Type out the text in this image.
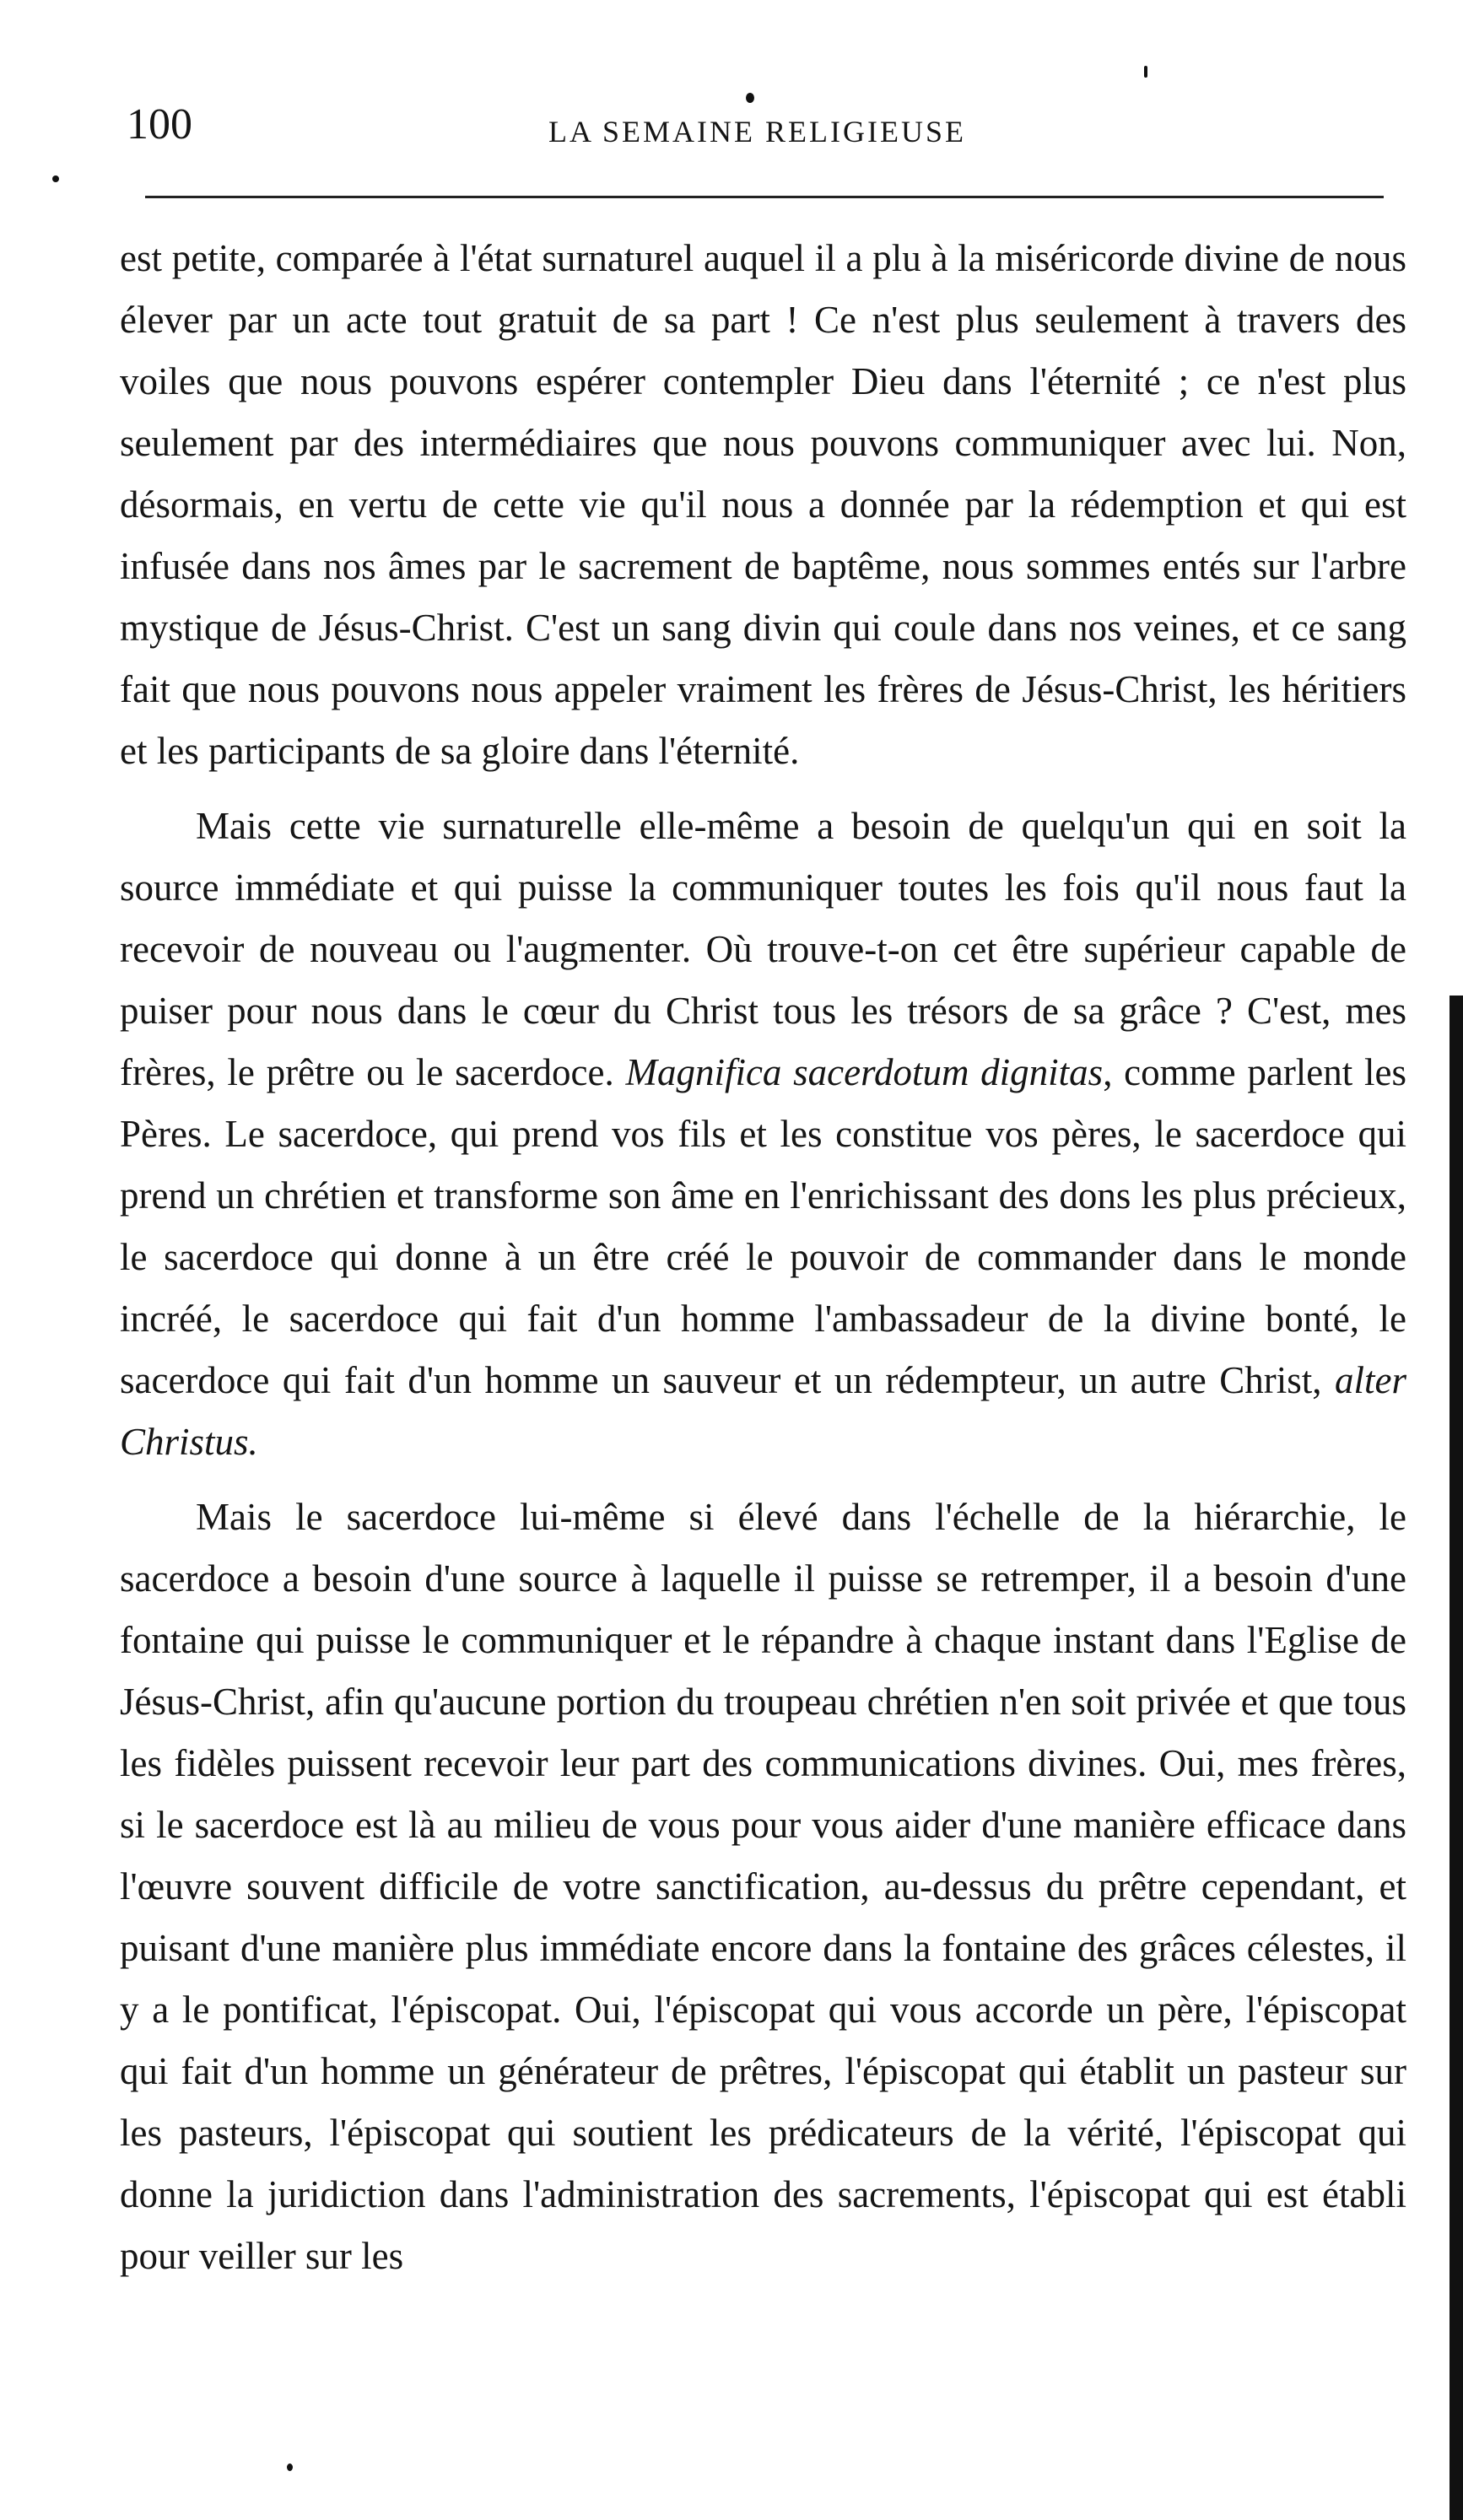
100	LA SEMAINE RELIGIEUSE

est petite, comparée à l'état surnaturel auquel il a plu à la miséricorde divine de nous élever par un acte tout gratuit de sa part ! Ce n'est plus seulement à travers des voiles que nous pouvons espérer contempler Dieu dans l'éternité ; ce n'est plus seulement par des intermédiaires que nous pouvons communiquer avec lui. Non, désormais, en vertu de cette vie qu'il nous a donnée par la rédemption et qui est infusée dans nos âmes par le sacrement de baptême, nous sommes entés sur l'arbre mystique de Jésus-Christ. C'est un sang divin qui coule dans nos veines, et ce sang fait que nous pouvons nous appeler vraiment les frères de Jésus-Christ, les héritiers et les participants de sa gloire dans l'éternité.

Mais cette vie surnaturelle elle-même a besoin de quelqu'un qui en soit la source immédiate et qui puisse la communiquer toutes les fois qu'il nous faut la recevoir de nouveau ou l'augmenter. Où trouve-t-on cet être supérieur capable de puiser pour nous dans le cœur du Christ tous les trésors de sa grâce ? C'est, mes frères, le prêtre ou le sacerdoce. Magnifica sacerdotum dignitas, comme parlent les Pères. Le sacerdoce, qui prend vos fils et les constitue vos pères, le sacerdoce qui prend un chrétien et transforme son âme en l'enrichissant des dons les plus précieux, le sacerdoce qui donne à un être créé le pouvoir de commander dans le monde incréé, le sacerdoce qui fait d'un homme l'ambassadeur de la divine bonté, le sacerdoce qui fait d'un homme un sauveur et un rédempteur, un autre Christ, alter Christus.

Mais le sacerdoce lui-même si élevé dans l'échelle de la hiérarchie, le sacerdoce a besoin d'une source à laquelle il puisse se retremper, il a besoin d'une fontaine qui puisse le communiquer et le répandre à chaque instant dans l'Eglise de Jésus-Christ, afin qu'aucune portion du troupeau chrétien n'en soit privée et que tous les fidèles puissent recevoir leur part des communications divines. Oui, mes frères, si le sacerdoce est là au milieu de vous pour vous aider d'une manière efficace dans l'œuvre souvent difficile de votre sanctification, au-dessus du prêtre cependant, et puisant d'une manière plus immédiate encore dans la fontaine des grâces célestes, il y a le pontificat, l'épiscopat. Oui, l'épiscopat qui vous accorde un père, l'épiscopat qui fait d'un homme un générateur de prêtres, l'épiscopat qui établit un pasteur sur les pasteurs, l'épiscopat qui soutient les prédicateurs de la vérité, l'épiscopat qui donne la juridiction dans l'administration des sacrements, l'épiscopat qui est établi pour veiller sur les
